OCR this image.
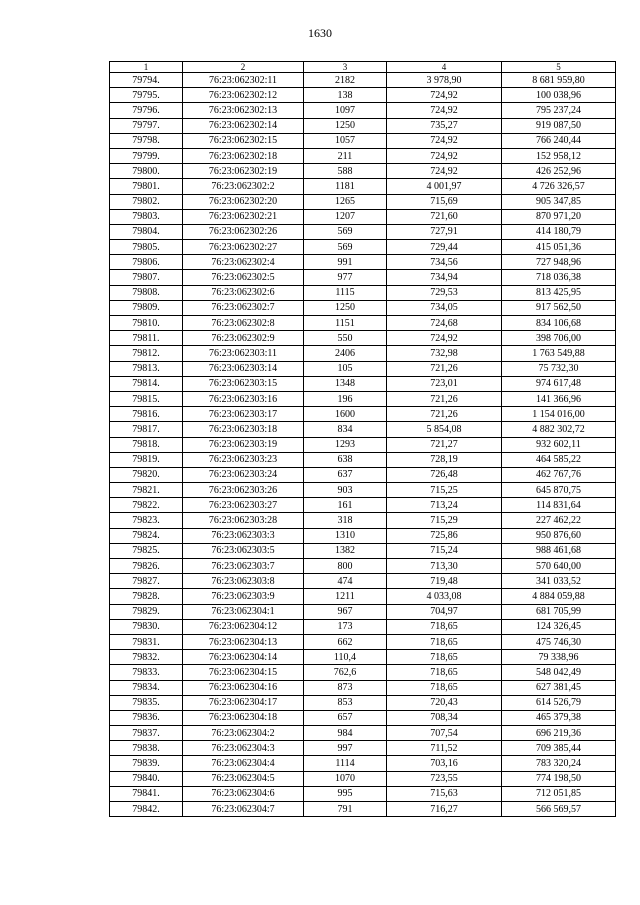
1630
1	2	3	4	5
79794.	76:23:062302:11	2182	3 978,90	8 681 959,80
79795.	76:23:062302:12	138	724,92	100 038,96
79796.	76:23:062302:13	1097	724,92	795 237,24
79797.	76:23:062302:14	1250	735,27	919 087,50
79798.	76:23:062302:15	1057	724,92	766 240,44
79799.	76:23:062302:18	211	724,92	152 958,12
79800.	76:23:062302:19	588	724,92	426 252,96
79801.	76:23:062302:2	1181	4 001,97	4 726 326,57
79802.	76:23:062302:20	1265	715,69	905 347,85
79803.	76:23:062302:21	1207	721,60	870 971,20
79804.	76:23:062302:26	569	727,91	414 180,79
79805.	76:23:062302:27	569	729,44	415 051,36
79806.	76:23:062302:4	991	734,56	727 948,96
79807.	76:23:062302:5	977	734,94	718 036,38
79808.	76:23:062302:6	1115	729,53	813 425,95
79809.	76:23:062302:7	1250	734,05	917 562,50
79810.	76:23:062302:8	1151	724,68	834 106,68
79811.	76:23:062302:9	550	724,92	398 706,00
79812.	76:23:062303:11	2406	732,98	1 763 549,88
79813.	76:23:062303:14	105	721,26	75 732,30
79814.	76:23:062303:15	1348	723,01	974 617,48
79815.	76:23:062303:16	196	721,26	141 366,96
79816.	76:23:062303:17	1600	721,26	1 154 016,00
79817.	76:23:062303:18	834	5 854,08	4 882 302,72
79818.	76:23:062303:19	1293	721,27	932 602,11
79819.	76:23:062303:23	638	728,19	464 585,22
79820.	76:23:062303:24	637	726,48	462 767,76
79821.	76:23:062303:26	903	715,25	645 870,75
79822.	76:23:062303:27	161	713,24	114 831,64
79823.	76:23:062303:28	318	715,29	227 462,22
79824.	76:23:062303:3	1310	725,86	950 876,60
79825.	76:23:062303:5	1382	715,24	988 461,68
79826.	76:23:062303:7	800	713,30	570 640,00
79827.	76:23:062303:8	474	719,48	341 033,52
79828.	76:23:062303:9	1211	4 033,08	4 884 059,88
79829.	76:23:062304:1	967	704,97	681 705,99
79830.	76:23:062304:12	173	718,65	124 326,45
79831.	76:23:062304:13	662	718,65	475 746,30
79832.	76:23:062304:14	110,4	718,65	79 338,96
79833.	76:23:062304:15	762,6	718,65	548 042,49
79834.	76:23:062304:16	873	718,65	627 381,45
79835.	76:23:062304:17	853	720,43	614 526,79
79836.	76:23:062304:18	657	708,34	465 379,38
79837.	76:23:062304:2	984	707,54	696 219,36
79838.	76:23:062304:3	997	711,52	709 385,44
79839.	76:23:062304:4	1114	703,16	783 320,24
79840.	76:23:062304:5	1070	723,55	774 198,50
79841.	76:23:062304:6	995	715,63	712 051,85
79842.	76:23:062304:7	791	716,27	566 569,57
